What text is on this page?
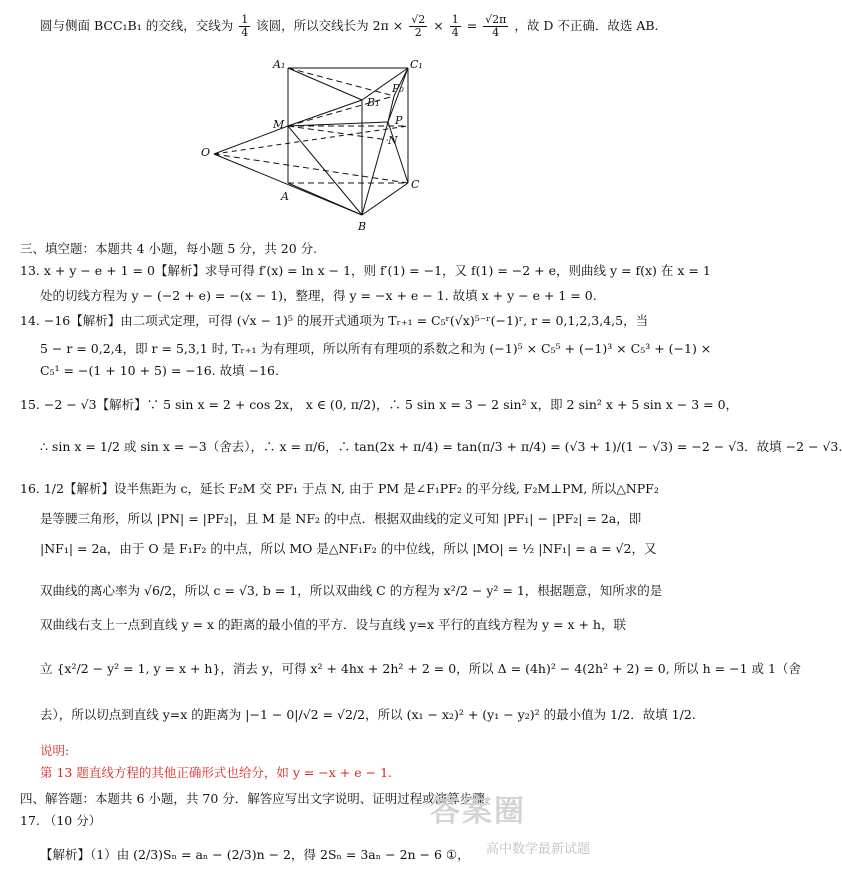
圆与侧面 BCC₁B₁ 的交线，交线为 $\frac{1}{4}$ 该圆，所以交线长为 $2\pi \times \frac{√2}{2} \times \frac{1}{4} = \frac{√2\pi}{4}$ ，故 D 不正确．故选 AB.
A₁	C₁
P₀
B₁
P
M
N
O
C
A
B
三、填空题：本题共 4 小题，每小题 5 分，共 20 分.
13. x + y − e + 1 = 0【解析】求导可得 f′(x) = ln x − 1，则 f′(1) = −1，又 f(1) = −2 + e，则曲线 y = f(x) 在 x = 1
处的切线方程为 y − (−2 + e) = −(x − 1)，整理，得 y = −x + e − 1. 故填 x + y − e + 1 = 0.
14. −16【解析】由二项式定理，可得 (√x − 1)⁵ 的展开式通项为 Tᵣ₊₁ = C₅ʳ(√x)⁵⁻ʳ(−1)ʳ, r = 0,1,2,3,4,5，当
5 − r = 0,2,4，即 r = 5,3,1 时, Tᵣ₊₁ 为有理项，所以所有有理项的系数之和为 (−1)⁵ × C₅⁵ + (−1)³ × C₅³ + (−1) ×
C₅¹ = −(1 + 10 + 5) = −16. 故填 −16.
15. −2 − √3【解析】∵ 5 sin x = 2 + cos 2x， x ∈ (0, π/2)，∴ 5 sin x = 3 − 2 sin² x，即 2 sin² x + 5 sin x − 3 = 0，
∴ sin x = 1/2 或 sin x = −3（舍去），∴ x = π/6，∴ tan(2x + π/4) = tan(π/3 + π/4) = (√3 + 1)/(1 − √3) = −2 − √3．故填 −2 − √3.
16. 1/2【解析】设半焦距为 c，延长 F₂M 交 PF₁ 于点 N, 由于 PM 是∠F₁PF₂ 的平分线, F₂M⊥PM, 所以△NPF₂
是等腰三角形，所以 |PN| = |PF₂|，且 M 是 NF₂ 的中点．根据双曲线的定义可知 |PF₁| − |PF₂| = 2a，即
|NF₁| = 2a，由于 O 是 F₁F₂ 的中点，所以 MO 是△NF₁F₂ 的中位线，所以 |MO| = ½ |NF₁| = a = √2，又
双曲线的离心率为 √6/2，所以 c = √3, b = 1，所以双曲线 C 的方程为 x²/2 − y² = 1，根据题意，知所求的是
双曲线右支上一点到直线 y = x 的距离的最小值的平方．设与直线 y=x 平行的直线方程为 y = x + h，联
立 {x²/2 − y² = 1, y = x + h}，消去 y，可得 x² + 4hx + 2h² + 2 = 0，所以 Δ = (4h)² − 4(2h² + 2) = 0, 所以 h = −1 或 1（舍
去），所以切点到直线 y=x 的距离为 |−1 − 0|/√2 = √2/2，所以 (x₁ − x₂)² + (y₁ − y₂)² 的最小值为 1/2．故填 1/2.
说明:
第 13 题直线方程的其他正确形式也给分，如 y = −x + e − 1.
四、解答题：本题共 6 小题，共 70 分．解答应写出文字说明、证明过程或演算步骤.
17. （10 分）
【解析】（1）由 (2/3)Sₙ = aₙ − (2/3)n − 2，得 2Sₙ = 3aₙ − 2n − 6 ①，
答案圈
高中数学最新试题
